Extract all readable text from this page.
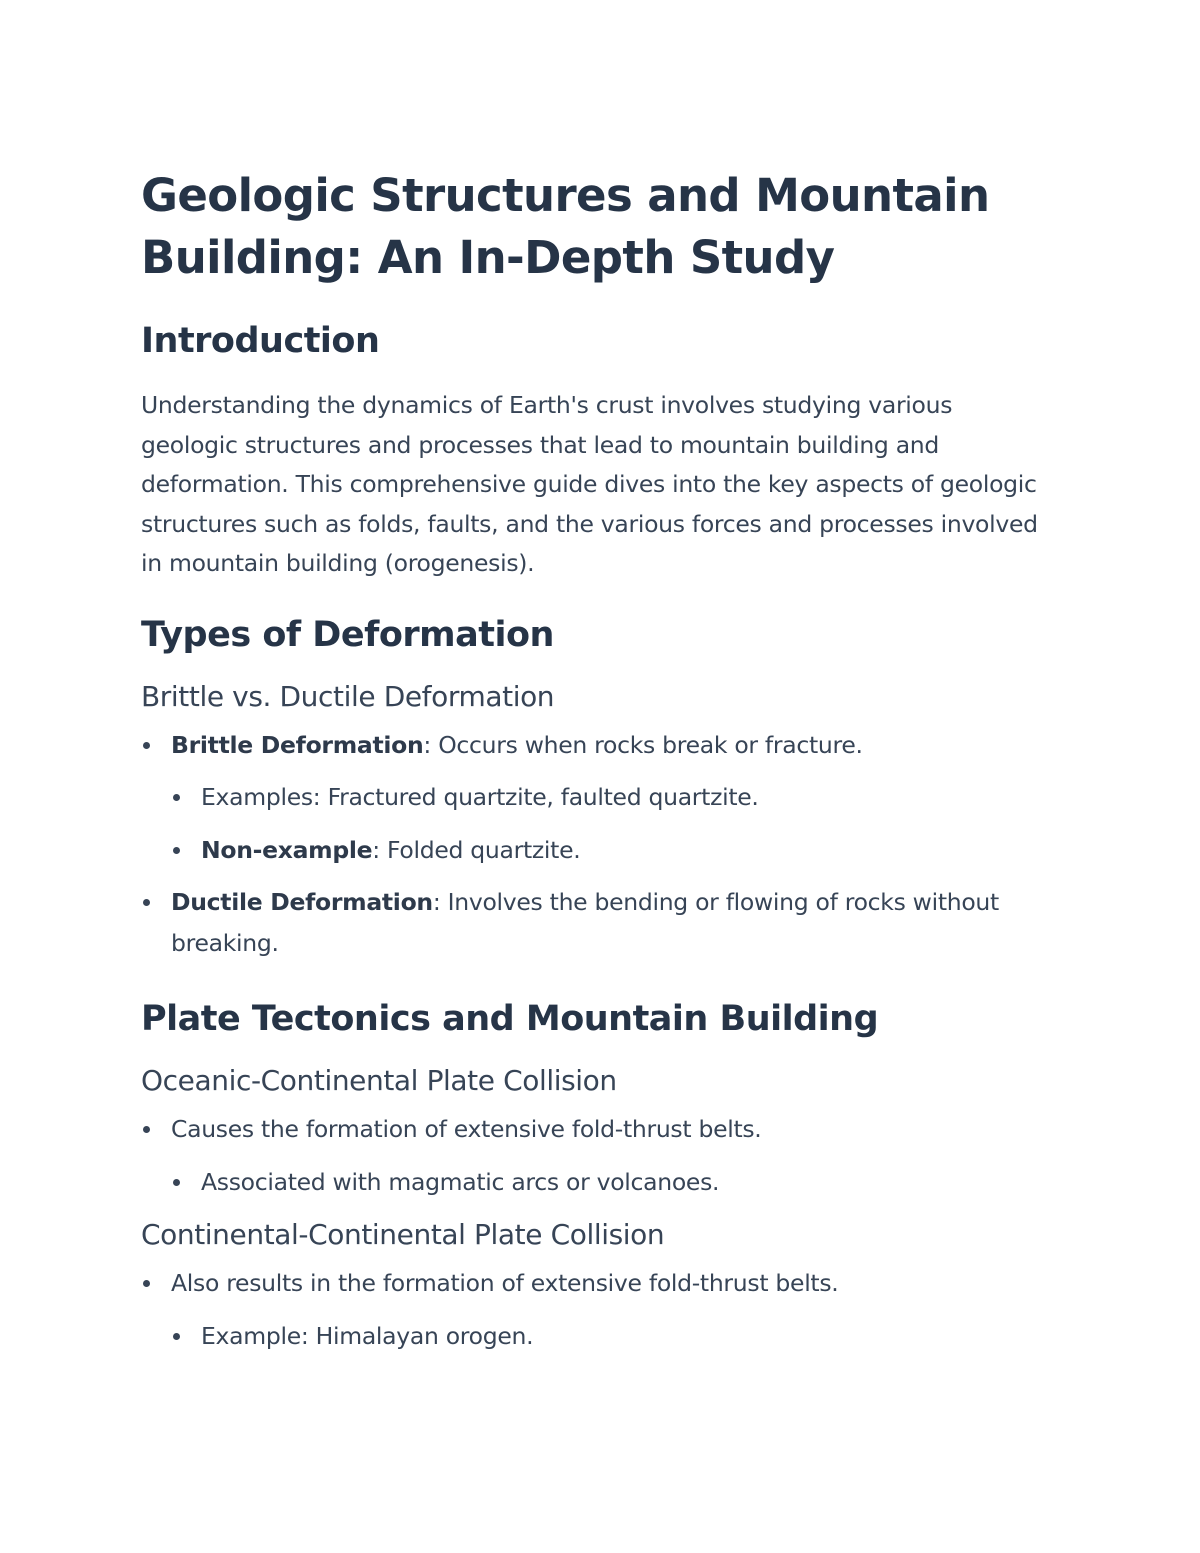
Geologic Structures and Mountain Building: An In-Depth Study
Introduction

Understanding the dynamics of Earth's crust involves studying various geologic structures and processes that lead to mountain building and deformation. This comprehensive guide dives into the key aspects of geologic structures such as folds, faults, and the various forces and processes involved in mountain building (orogenesis).

Types of Deformation
Brittle vs. Ductile Deformation
Brittle Deformation: Occurs when rocks break or fracture.
Examples: Fractured quartzite, faulted quartzite.
Non-example: Folded quartzite.
Ductile Deformation: Involves the bending or flowing of rocks without breaking.
Plate Tectonics and Mountain Building
Oceanic-Continental Plate Collision
Causes the formation of extensive fold-thrust belts.
Associated with magmatic arcs or volcanoes.
Continental-Continental Plate Collision
Also results in the formation of extensive fold-thrust belts.
Example: Himalayan orogen.
